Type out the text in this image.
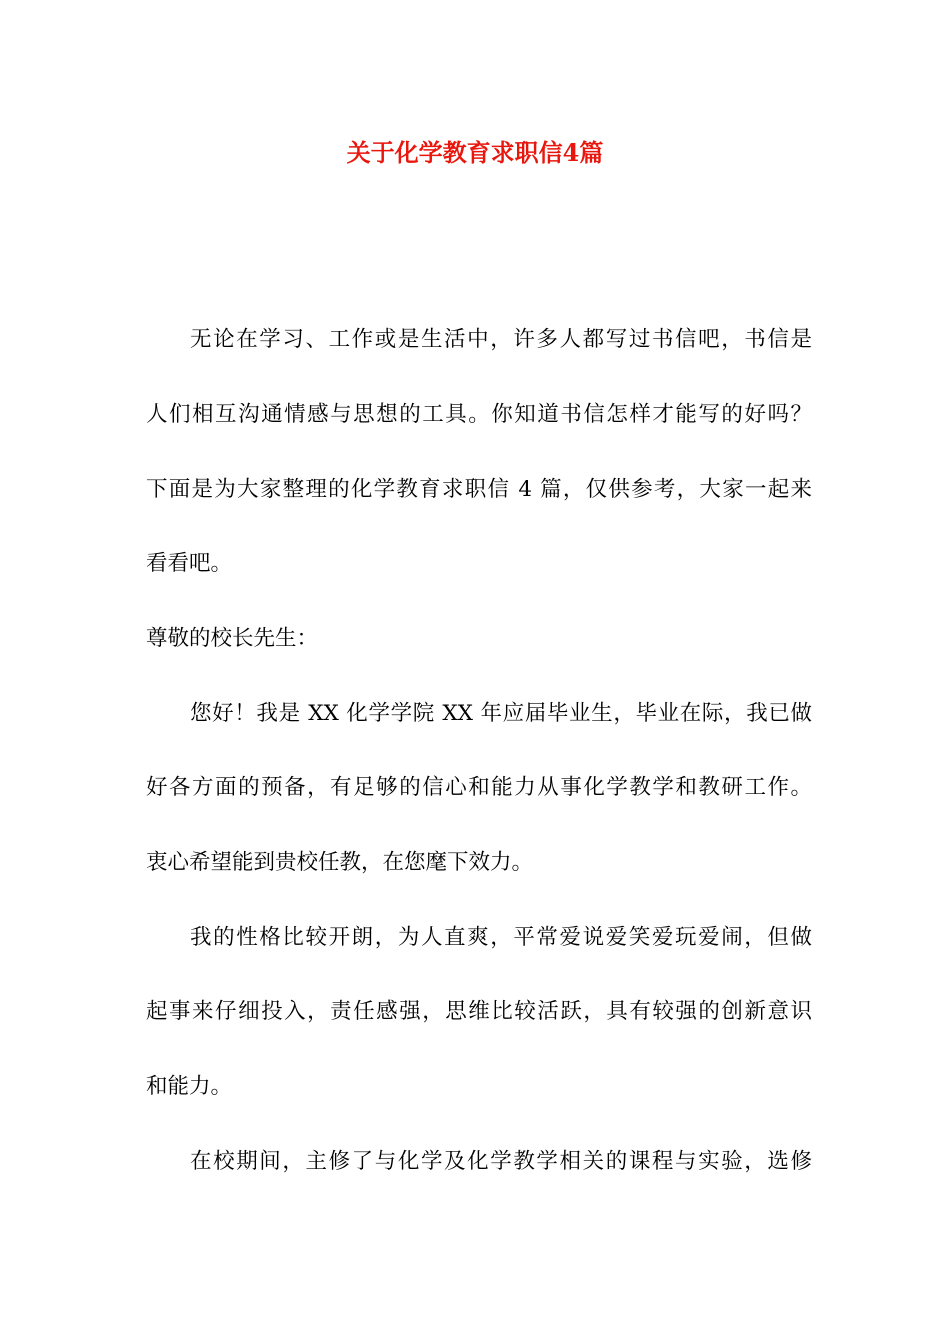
关于化学教育求职信4篇

无论在学习、工作或是生活中，许多人都写过书信吧，书信是

人们相互沟通情感与思想的工具。你知道书信怎样才能写的好吗？

下面是为大家整理的化学教育求职信 4 篇，仅供参考，大家一起来

看看吧。

尊敬的校长先生：

您好！我是 XX 化学学院 XX 年应届毕业生，毕业在际，我已做

好各方面的预备，有足够的信心和能力从事化学教学和教研工作。

衷心希望能到贵校任教，在您麾下效力。

我的性格比较开朗，为人直爽，平常爱说爱笑爱玩爱闹，但做

起事来仔细投入，责任感强，思维比较活跃，具有较强的创新意识

和能力。

在校期间，主修了与化学及化学教学相关的课程与实验，选修
